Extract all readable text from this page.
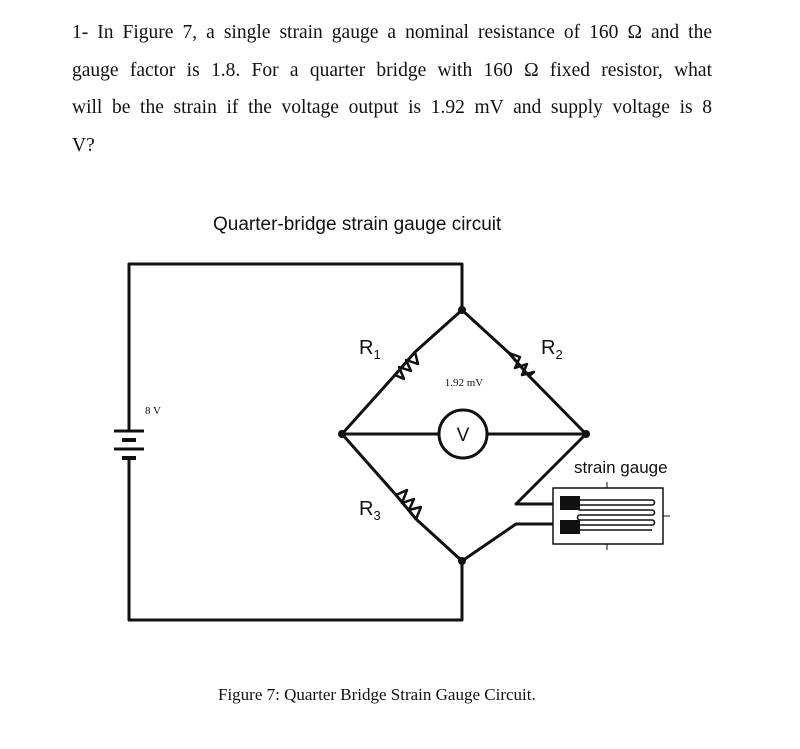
1- In Figure 7, a single strain gauge a nominal resistance of 160 Ω and the
gauge factor is 1.8. For a quarter bridge with 160 Ω fixed resistor, what
will be the strain if the voltage output is 1.92 mV and supply voltage is 8
V?
Quarter-bridge strain gauge circuit
V
1.92 mV
8 V
$R_1$	$R_2$
$R_3$
strain gauge
Figure 7: Quarter Bridge Strain Gauge Circuit.
